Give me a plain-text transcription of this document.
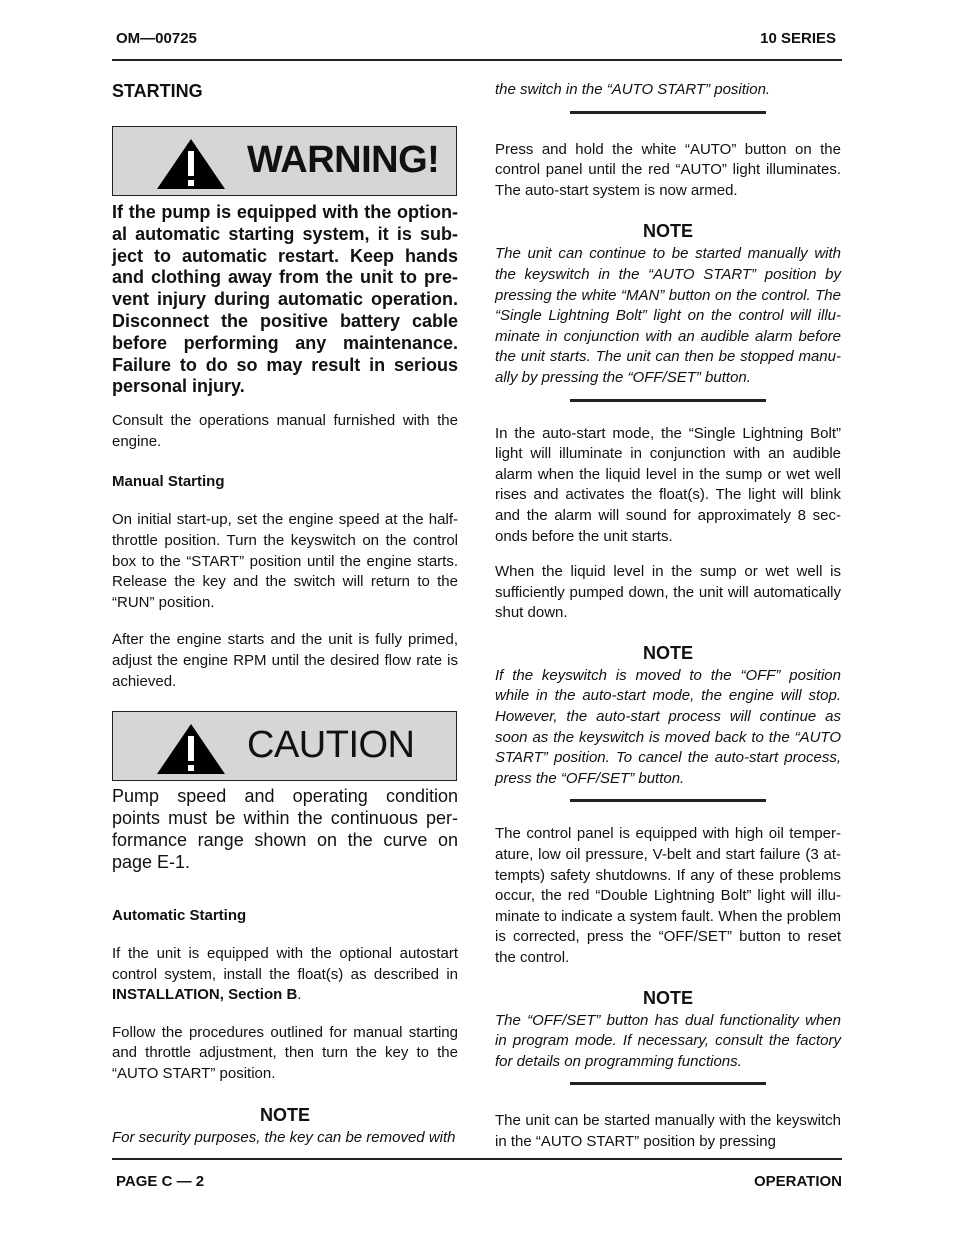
OM—00725	10 SERIES
STARTING
WARNING!

If the pump is equipped with the optional automatic starting system, it is subject to automatic restart. Keep hands and clothing away from the unit to prevent injury during automatic operation. Disconnect the positive battery cable before performing any maintenance. Failure to do so may result in serious personal injury.

Consult the operations manual furnished with the engine.

Manual Starting

On initial start-up, set the engine speed at the half-throttle position. Turn the keyswitch on the control box to the “START” position until the engine starts. Release the key and the switch will return to the “RUN” position.

After the engine starts and the unit is fully primed, adjust the engine RPM until the desired flow rate is achieved.

CAUTION

Pump speed and operating condition points must be within the continuous performance range shown on the curve on page E-1.

Automatic Starting

If the unit is equipped with the optional autostart control system, install the float(s) as described in INSTALLATION, Section B.

Follow the procedures outlined for manual starting and throttle adjustment, then turn the key to the “AUTO START” position.

NOTE

For security purposes, the key can be removed with

the switch in the “AUTO START” position.

Press and hold the white “AUTO” button on the control panel until the red “AUTO” light illuminates. The auto-start system is now armed.

NOTE

The unit can continue to be started manually with the keyswitch in the “AUTO START” position by pressing the white “MAN” button on the control. The “Single Lightning Bolt” light on the control will illuminate in conjunction with an audible alarm before the unit starts. The unit can then be stopped manually by pressing the “OFF/SET” button.

In the auto-start mode, the “Single Lightning Bolt” light will illuminate in conjunction with an audible alarm when the liquid level in the sump or wet well rises and activates the float(s). The light will blink and the alarm will sound for approximately 8 seconds before the unit starts.

When the liquid level in the sump or wet well is sufficiently pumped down, the unit will automatically shut down.

NOTE

If the keyswitch is moved to the “OFF” position while in the auto-start mode, the engine will stop. However, the auto-start process will continue as soon as the keyswitch is moved back to the “AUTO START” position. To cancel the auto-start process, press the “OFF/SET” button.

The control panel is equipped with high oil temperature, low oil pressure, V-belt and start failure (3 attempts) safety shutdowns. If any of these problems occur, the red “Double Lightning Bolt” light will illuminate to indicate a system fault. When the problem is corrected, press the “OFF/SET” button to reset the control.

NOTE

The “OFF/SET” button has dual functionality when in program mode. If necessary, consult the factory for details on programming functions.

The unit can be started manually with the keyswitch in the “AUTO START” position by pressing

PAGE C — 2	OPERATION
